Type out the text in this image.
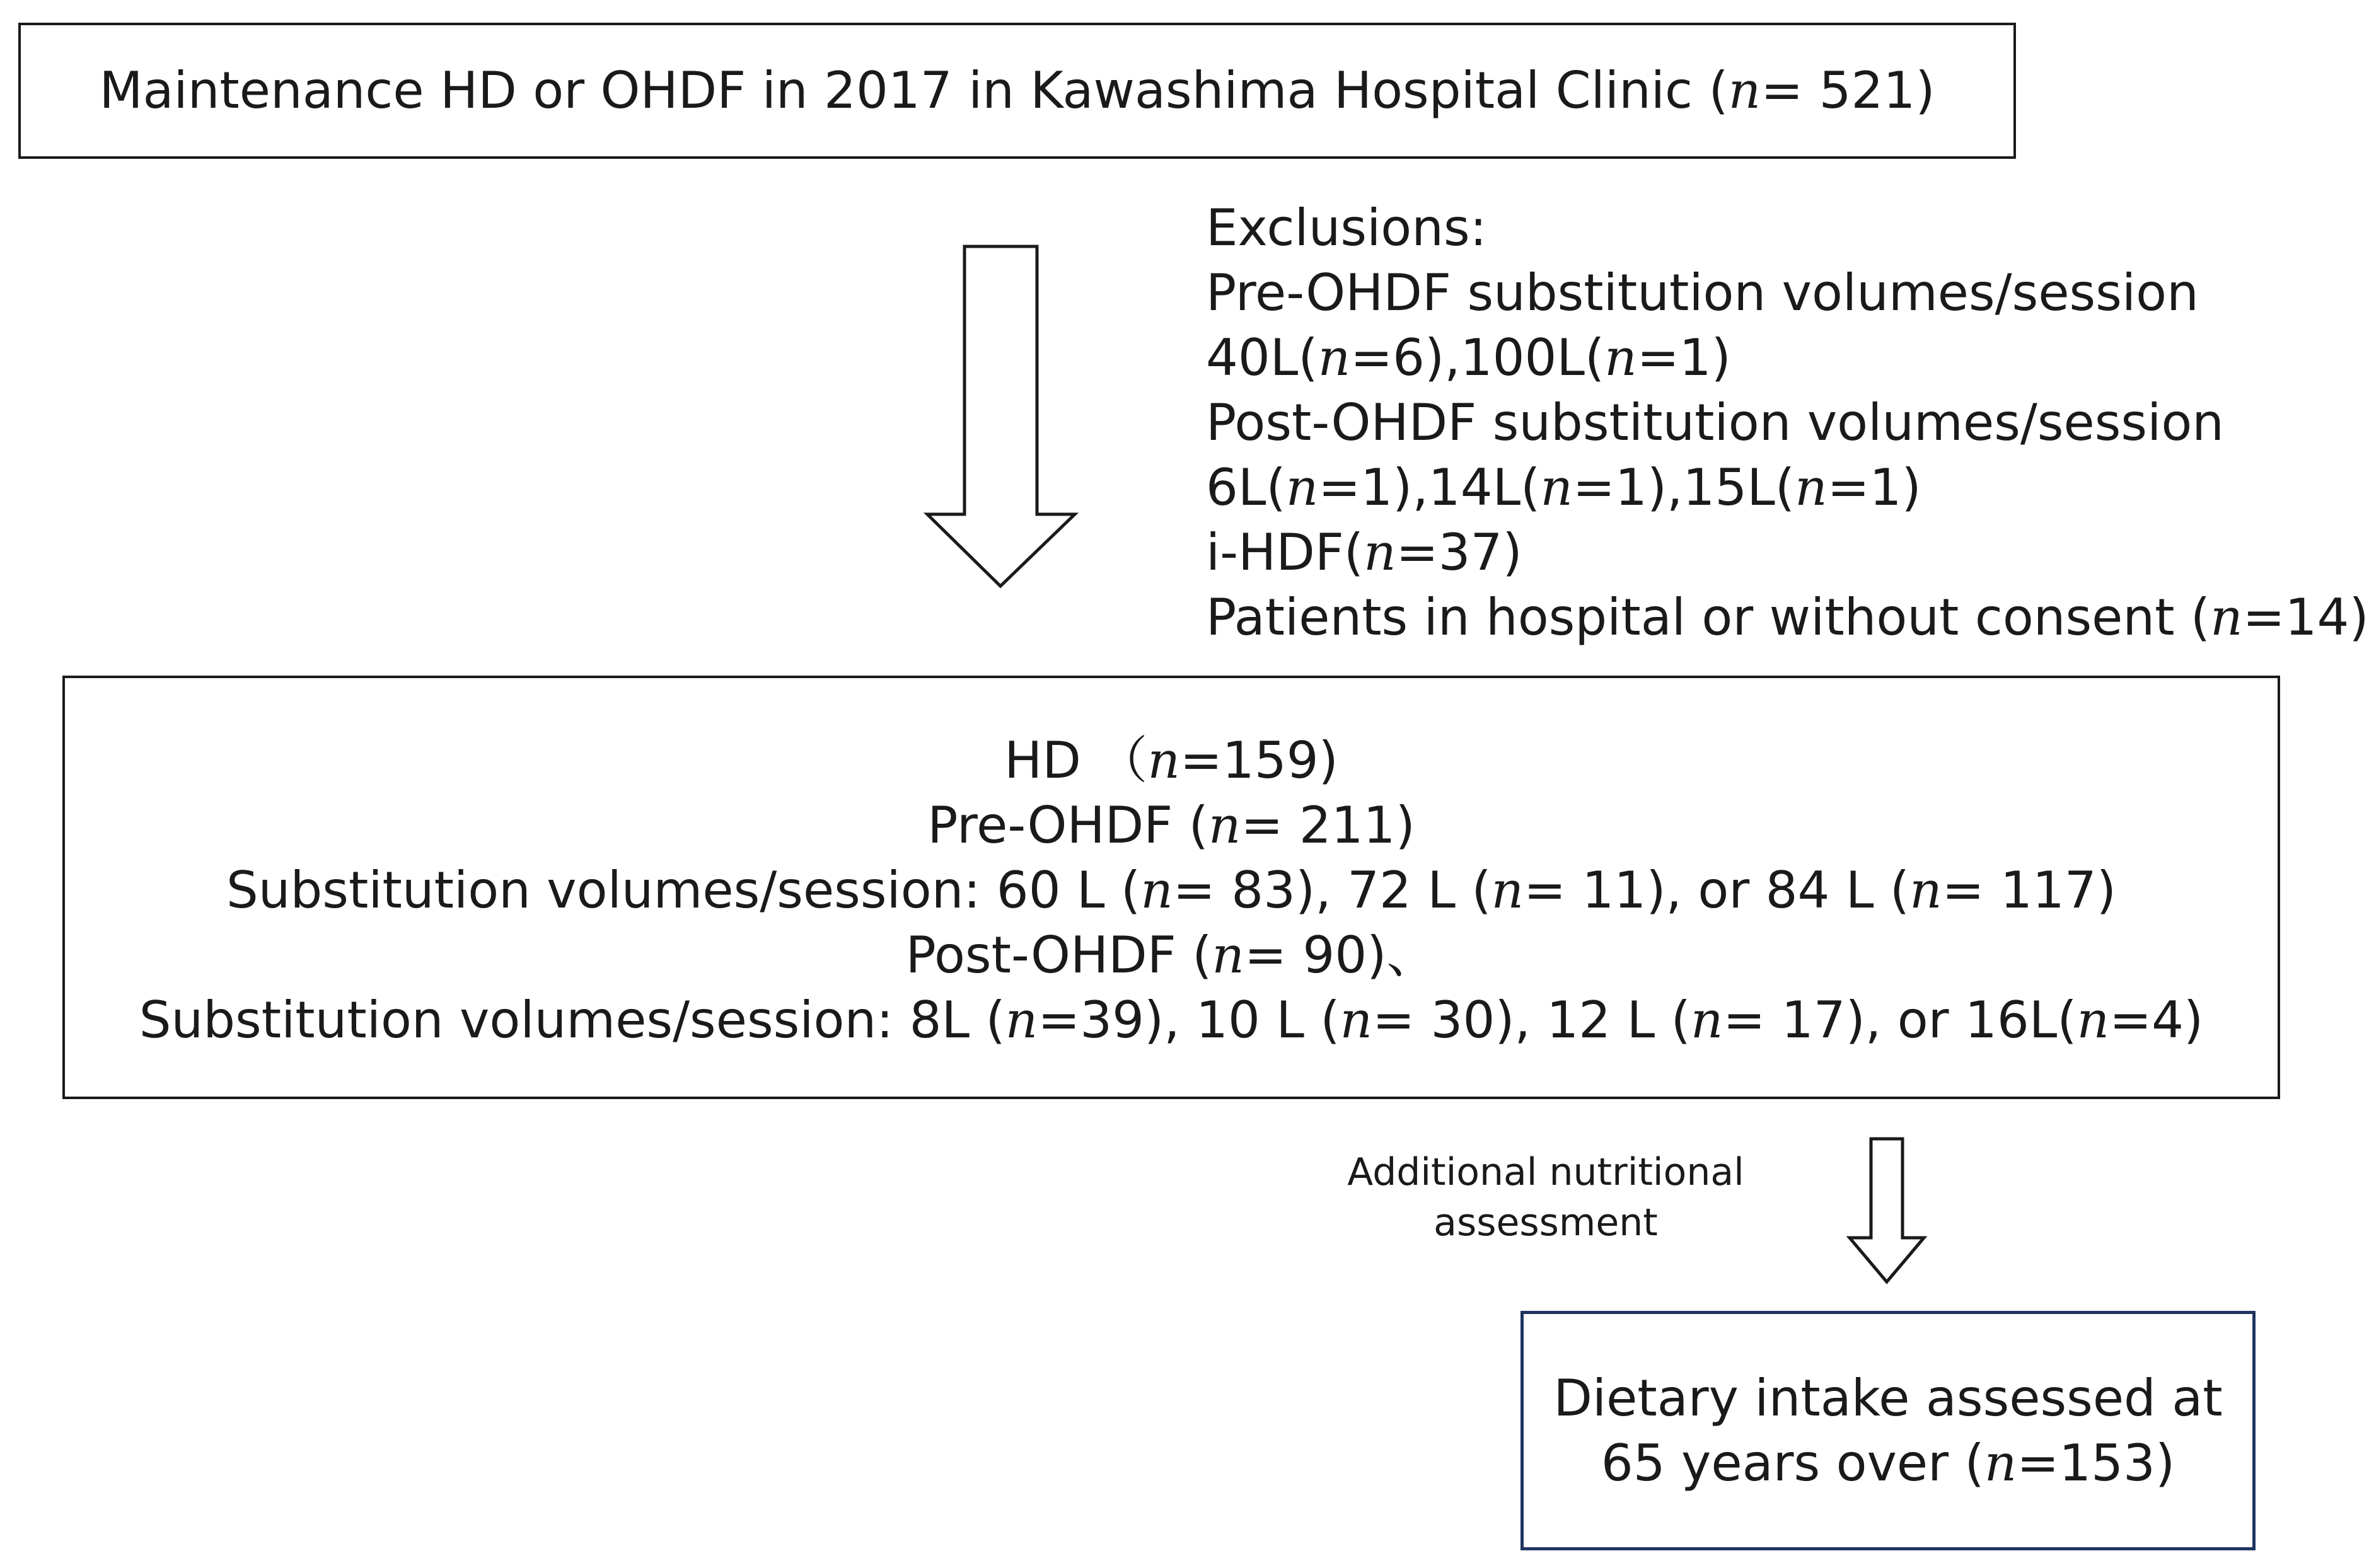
Maintenance HD or OHDF in 2017 in Kawashima Hospital Clinic (n= 521)
Exclusions:
Pre-OHDF substitution volumes/session
40L(n=6),100L(n=1)
Post-OHDF substitution volumes/session
6L(n=1),14L(n=1),15L(n=1)
i-HDF(n=37)
Patients in hospital or without consent (n=14)
HD （n=159)
Pre-OHDF (n= 211)
Substitution volumes/session: 60 L (n= 83), 72 L (n= 11), or 84 L (n= 117)
Post-OHDF (n= 90)、
Substitution volumes/session: 8L (n=39), 10 L (n= 30), 12 L (n= 17), or 16L(n=4)
Additional nutritional
assessment
Dietary intake assessed at
65 years over (n=153)
